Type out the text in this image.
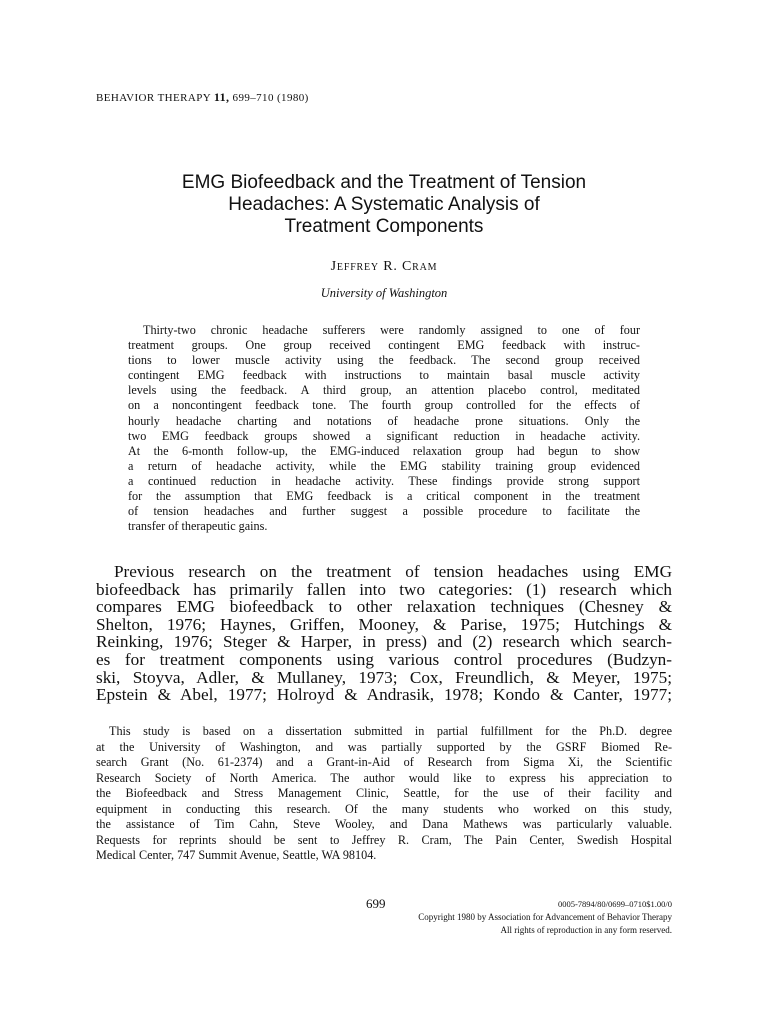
BEHAVIOR THERAPY 11, 699–710 (1980)
EMG Biofeedback and the Treatment of Tension
Headaches: A Systematic Analysis of
Treatment Components
Jeffrey R. Cram
University of Washington
Thirty-two chronic headache sufferers were randomly assigned to one of four
treatment groups. One group received contingent EMG feedback with instruc-
tions to lower muscle activity using the feedback. The second group received
contingent EMG feedback with instructions to maintain basal muscle activity
levels using the feedback. A third group, an attention placebo control, meditated
on a noncontingent feedback tone. The fourth group controlled for the effects of
hourly headache charting and notations of headache prone situations. Only the
two EMG feedback groups showed a significant reduction in headache activity.
At the 6-month follow-up, the EMG-induced relaxation group had begun to show
a return of headache activity, while the EMG stability training group evidenced
a continued reduction in headache activity. These findings provide strong support
for the assumption that EMG feedback is a critical component in the treatment
of tension headaches and further suggest a possible procedure to facilitate the
transfer of therapeutic gains.
Previous research on the treatment of tension headaches using EMG
biofeedback has primarily fallen into two categories: (1) research which
compares EMG biofeedback to other relaxation techniques (Chesney &
Shelton, 1976; Haynes, Griffen, Mooney, & Parise, 1975; Hutchings &
Reinking, 1976; Steger & Harper, in press) and (2) research which search-
es for treatment components using various control procedures (Budzyn-
ski, Stoyva, Adler, & Mullaney, 1973; Cox, Freundlich, & Meyer, 1975;
Epstein & Abel, 1977; Holroyd & Andrasik, 1978; Kondo & Canter, 1977;
This study is based on a dissertation submitted in partial fulfillment for the Ph.D. degree
at the University of Washington, and was partially supported by the GSRF Biomed Re-
search Grant (No. 61-2374) and a Grant-in-Aid of Research from Sigma Xi, the Scientific
Research Society of North America. The author would like to express his appreciation to
the Biofeedback and Stress Management Clinic, Seattle, for the use of their facility and
equipment in conducting this research. Of the many students who worked on this study,
the assistance of Tim Cahn, Steve Wooley, and Dana Mathews was particularly valuable.
Requests for reprints should be sent to Jeffrey R. Cram, The Pain Center, Swedish Hospital
Medical Center, 747 Summit Avenue, Seattle, WA 98104.
699	0005-7894/80/0699–0710$1.00/0
Copyright 1980 by Association for Advancement of Behavior Therapy
All rights of reproduction in any form reserved.
